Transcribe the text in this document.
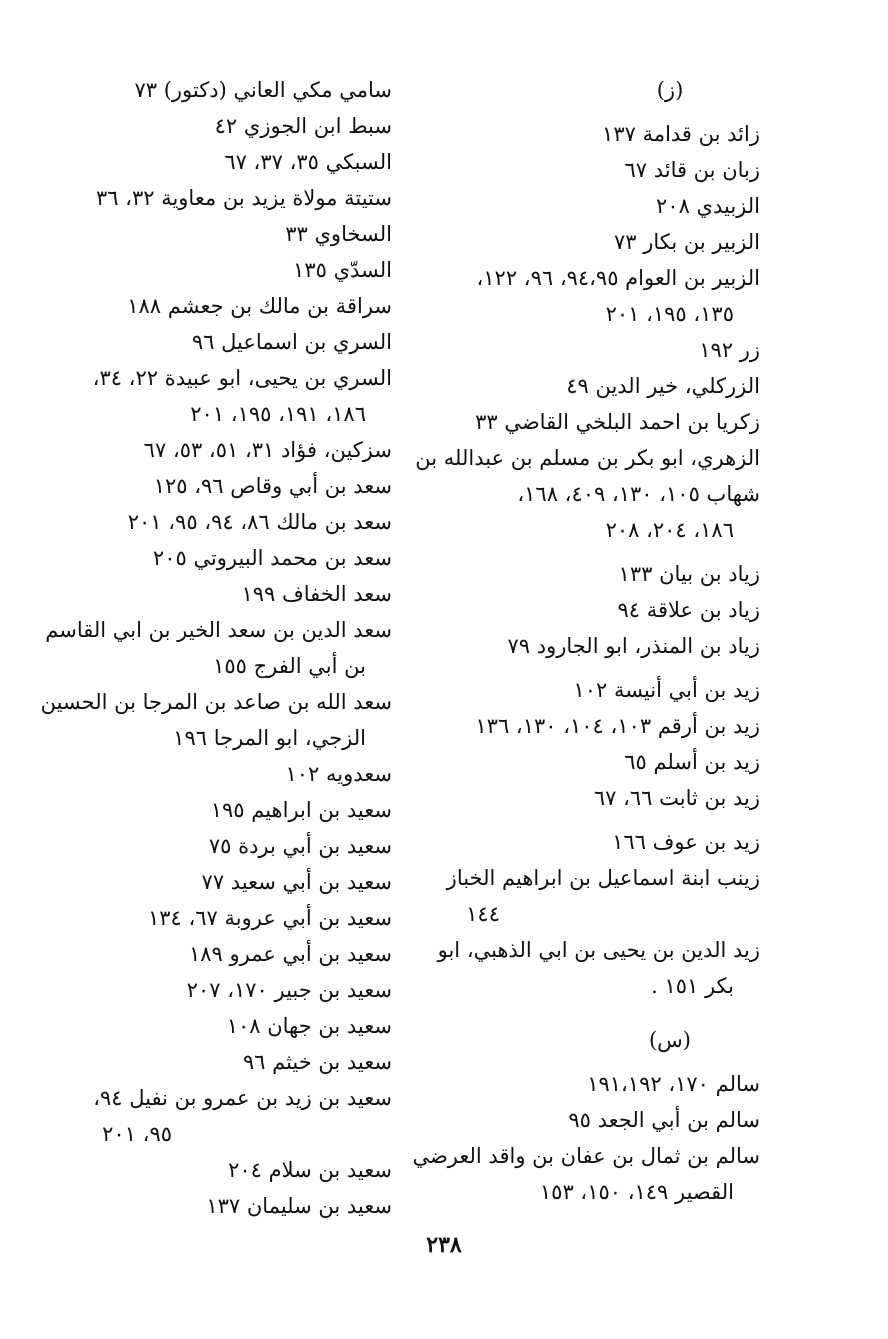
(ز)
زائد بن قدامة ١٣٧
زبان بن قائد ٦٧
الزبيدي ٢٠٨
الزبير بن بكار ٧٣
الزبير بن العوام ٩٤،٩٥، ٩٦، ١٢٢،
١٣٥، ١٩٥، ٢٠١
زر ١٩٢
الزركلي، خير الدين ٤٩
زكريا بن احمد البلخي القاضي ٣٣
الزهري، ابو بكر بن مسلم بن عبدالله بن
شهاب ١٠٥، ١٣٠، ٤٠٩، ١٦٨،
١٨٦، ٢٠٤، ٢٠٨
زياد بن بيان ١٣٣
زياد بن علاقة ٩٤
زياد بن المنذر، ابو الجارود ٧٩
زيد بن أبي أنيسة ١٠٢
زيد بن أرقم ١٠٣، ١٠٤، ١٣٠، ١٣٦
زيد بن أسلم ٦٥
زيد بن ثابت ٦٦، ٦٧
زيد بن عوف ١٦٦
زينب ابنة اسماعيل بن ابراهيم الخباز
١٤٤
زيد الدين بن يحيى بن ابي الذهبي، ابو
بكر ١٥١ .
(س)
سالم ١٧٠، ١٩١،١٩٢
سالم بن أبي الجعد ٩٥
سالم بن ثمال بن عفان بن واقد العرضي
القصير ١٤٩، ١٥٠، ١٥٣
سامي مكي العاني (دكتور) ٧٣
سبط ابن الجوزي ٤٢
السبكي ٣٥، ٣٧، ٦٧
ستيتة مولاة يزيد بن معاوية ٣٢، ٣٦
السخاوي ٣٣
السدّي ١٣٥
سراقة بن مالك بن جعشم ١٨٨
السري بن اسماعيل ٩٦
السري بن يحيى، ابو عبيدة ٢٢، ٣٤،
١٨٦، ١٩١، ١٩٥، ٢٠١
سزكين، فؤاد ٣١، ٥١، ٥٣، ٦٧
سعد بن أبي وقاص ٩٦، ١٢٥
سعد بن مالك ٨٦، ٩٤، ٩٥، ٢٠١
سعد بن محمد البيروتي ٢٠٥
سعد الخفاف ١٩٩
سعد الدين بن سعد الخير بن ابي القاسم
بن أبي الفرج ١٥٥
سعد الله بن صاعد بن المرجا بن الحسين
الزجي، ابو المرجا ١٩٦
سعدويه ١٠٢
سعيد بن ابراهيم ١٩٥
سعيد بن أبي بردة ٧٥
سعيد بن أبي سعيد ٧٧
سعيد بن أبي عروبة ٦٧، ١٣٤
سعيد بن أبي عمرو ١٨٩
سعيد بن جبير ١٧٠، ٢٠٧
سعيد بن جهان ١٠٨
سعيد بن خيثم ٩٦
سعيد بن زيد بن عمرو بن نفيل ٩٤،
٩٥، ٢٠١
سعيد بن سلام ٢٠٤
سعيد بن سليمان ١٣٧
٢٣٨
